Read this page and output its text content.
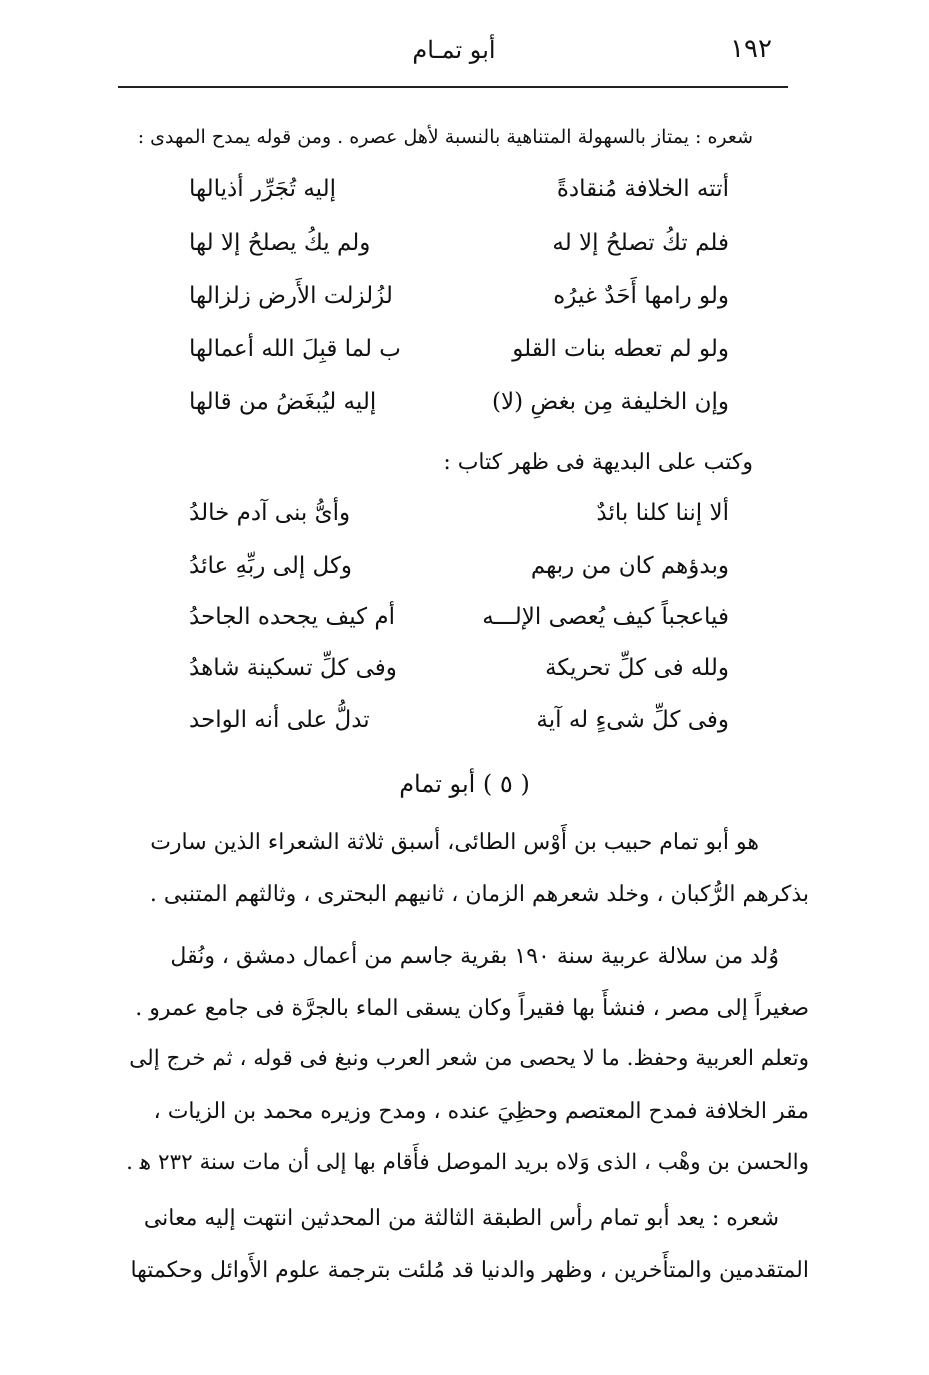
١٩٢
أبو تمـام
شعره : يمتاز بالسهولة المتناهية بالنسبة لأهل عصره . ومن قوله يمدح المهدى :
أتته الخلافة مُنقادةً
إليه تُجَرِّر أذيالها
فلم تكُ تصلحُ إلا له
ولم يكُ يصلحُ إلا لها
ولو رامها أَحَدٌ غيرُه
لزُلزلت الأَرض زلزالها
ولو لم تعطه بنات القلو
ب لما قبِلَ الله أعمالها
وإن الخليفة مِن بغضِ (لا)
إليه ليُبغَضُ من قالها
وكتب على البديهة فى ظهر كتاب :
ألا إننا كلنا بائدٌ
وأىُّ بنى آدم خالدُ
وبدؤهم كان من ربهم
وكل إلى ربِّهِ عائدُ
فياعجباً كيف يُعصى الإلـــه
أم كيف يجحده الجاحدُ
ولله فى كلِّ تحريكة
وفى كلِّ تسكينة شاهدُ
وفى كلِّ شىءٍ له آية
تدلُّ على أنه الواحد
( ٥ ) أبو تمام
هو أبو تمام حبيب بن أَوْس الطائى، أسبق ثلاثة الشعراء الذين سارت
بذكرهم الرُّكبان ، وخلد شعرهم الزمان ، ثانيهم البحترى ، وثالثهم المتنبى .
وُلد من سلالة عربية سنة ١٩٠ بقرية جاسم من أعمال دمشق ، ونُقل
صغيراً إلى مصر ، فنشأَ بها فقيراً وكان يسقى الماء بالجرَّة فى جامع عمرو .
وتعلم العربية وحفظ. ما لا يحصى من شعر العرب ونبغ فى قوله ، ثم خرج إلى
مقر الخلافة فمدح المعتصم وحظِيَ عنده ، ومدح وزيره محمد بن الزيات ،
والحسن بن وهْب ، الذى وَلاه بريد الموصل فأَقام بها إلى أن مات سنة ٢٣٢ ﻫ .
شعره : يعد أبو تمام رأس الطبقة الثالثة من المحدثين انتهت إليه معانى
المتقدمين والمتأَخرين ، وظهر والدنيا قد مُلئت بترجمة علوم الأَوائل وحكمتها
